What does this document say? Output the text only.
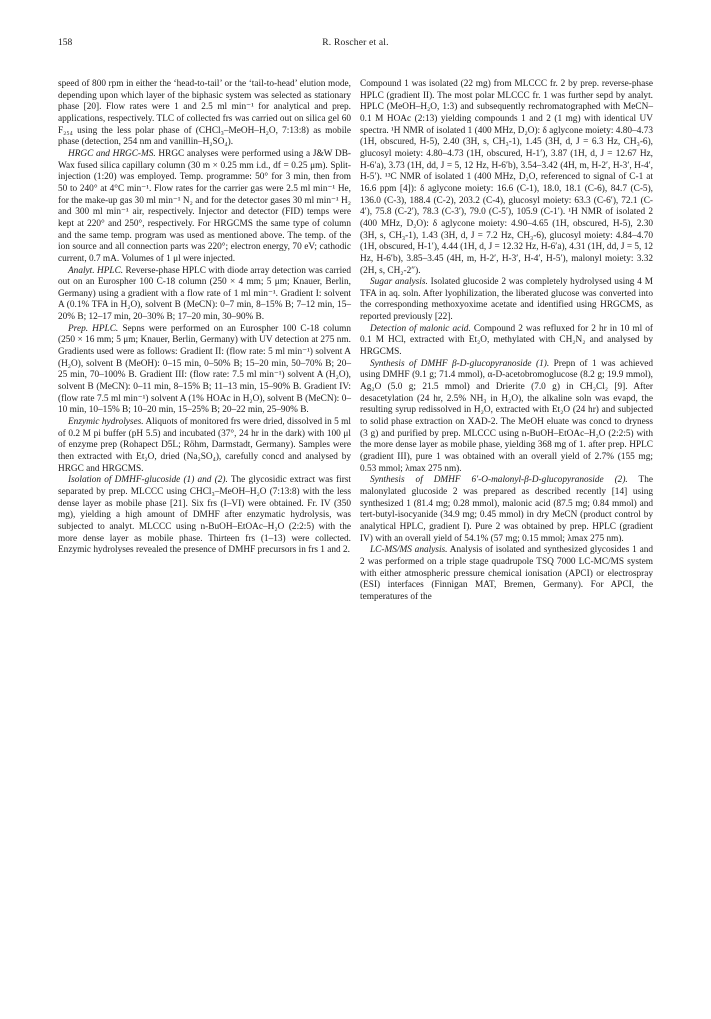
158	R. Roscher et al.

speed of 800 rpm in either the ‘head-to-tail’ or the ‘tail-to-head’ elution mode, depending upon which layer of the biphasic system was selected as stationary phase [20]. Flow rates were 1 and 2.5 ml min⁻¹ for analytical and prep. applications, respectively. TLC of collected frs was carried out on silica gel 60 F₂₅₄ using the less polar phase of (CHCl₃–MeOH–H₂O, 7:13:8) as mobile phase (detection, 254 nm and vanillin–H₂SO₄).

HRGC and HRGC-MS. HRGC analyses were performed using a J&W DB-Wax fused silica capillary column (30 m × 0.25 mm i.d., df = 0.25 μm). Split-injection (1:20) was employed. Temp. programme: 50° for 3 min, then from 50 to 240° at 4°C min⁻¹. Flow rates for the carrier gas were 2.5 ml min⁻¹ He, for the make-up gas 30 ml min⁻¹ N₂ and for the detector gases 30 ml min⁻¹ H₂ and 300 ml min⁻¹ air, respectively. Injector and detector (FID) temps were kept at 220° and 250°, respectively. For HRGCMS the same type of column and the same temp. program was used as mentioned above. The temp. of the ion source and all connection parts was 220°; electron energy, 70 eV; cathodic current, 0.7 mA. Volumes of 1 μl were injected.

Analyt. HPLC. Reverse-phase HPLC with diode array detection was carried out on an Eurospher 100 C-18 column (250 × 4 mm; 5 μm; Knauer, Berlin, Germany) using a gradient with a flow rate of 1 ml min⁻¹. Gradient I: solvent A (0.1% TFA in H₂O), solvent B (MeCN): 0–7 min, 8–15% B; 7–12 min, 15–20% B; 12–17 min, 20–30% B; 17–20 min, 30–90% B.

Prep. HPLC. Sepns were performed on an Eurospher 100 C-18 column (250 × 16 mm; 5 μm; Knauer, Berlin, Germany) with UV detection at 275 nm. Gradients used were as follows: Gradient II: (flow rate: 5 ml min⁻¹) solvent A (H₂O), solvent B (MeOH): 0–15 min, 0–50% B; 15–20 min, 50–70% B; 20–25 min, 70–100% B. Gradient III: (flow rate: 7.5 ml min⁻¹) solvent A (H₂O), solvent B (MeCN): 0–11 min, 8–15% B; 11–13 min, 15–90% B. Gradient IV: (flow rate 7.5 ml min⁻¹) solvent A (1% HOAc in H₂O), solvent B (MeCN): 0–10 min, 10–15% B; 10–20 min, 15–25% B; 20–22 min, 25–90% B.

Enzymic hydrolyses. Aliquots of monitored frs were dried, dissolved in 5 ml of 0.2 M pi buffer (pH 5.5) and incubated (37°, 24 hr in the dark) with 100 μl of enzyme prep (Rohapect D5L; Röhm, Darmstadt, Germany). Samples were then extracted with Et₂O, dried (Na₂SO₄), carefully concd and analysed by HRGC and HRGCMS.

Isolation of DMHF-glucoside (1) and (2). The glycosidic extract was first separated by prep. MLCCC using CHCl₃–MeOH–H₂O (7:13:8) with the less dense layer as mobile phase [21]. Six frs (I–VI) were obtained. Fr. IV (350 mg), yielding a high amount of DMHF after enzymatic hydrolysis, was subjected to analyt. MLCCC using n-BuOH–EtOAc–H₂O (2:2:5) with the more dense layer as mobile phase. Thirteen frs (1–13) were collected. Enzymic hydrolyses revealed the presence of DMHF precursors in frs 1 and 2.

Compound 1 was isolated (22 mg) from MLCCC fr. 2 by prep. reverse-phase HPLC (gradient II). The most polar MLCCC fr. 1 was further sepd by analyt. HPLC (MeOH–H₂O, 1:3) and subsequently rechromatographed with MeCN–0.1 M HOAc (2:13) yielding compounds 1 and 2 (1 mg) with identical UV spectra. ¹H NMR of isolated 1 (400 MHz, D₂O): δ aglycone moiety: 4.80–4.73 (1H, obscured, H-5), 2.40 (3H, s, CH₃-1), 1.45 (3H, d, J = 6.3 Hz, CH₃-6), glucosyl moiety: 4.80–4.73 (1H, obscured, H-1′), 3.87 (1H, d, J = 12.67 Hz, H-6′a), 3.73 (1H, dd, J = 5, 12 Hz, H-6′b), 3.54–3.42 (4H, m, H-2′, H-3′, H-4′, H-5′). ¹³C NMR of isolated 1 (400 MHz, D₂O, referenced to signal of C-1 at 16.6 ppm [4]): δ aglycone moiety: 16.6 (C-1), 18.0, 18.1 (C-6), 84.7 (C-5), 136.0 (C-3), 188.4 (C-2), 203.2 (C-4), glucosyl moiety: 63.3 (C-6′), 72.1 (C-4′), 75.8 (C-2′), 78.3 (C-3′), 79.0 (C-5′), 105.9 (C-1′). ¹H NMR of isolated 2 (400 MHz, D₂O): δ aglycone moiety: 4.90–4.65 (1H, obscured, H-5), 2.30 (3H, s, CH₃-1), 1.43 (3H, d, J = 7.2 Hz, CH₃-6), glucosyl moiety: 4.84–4.70 (1H, obscured, H-1′), 4.44 (1H, d, J = 12.32 Hz, H-6′a), 4.31 (1H, dd, J = 5, 12 Hz, H-6′b), 3.85–3.45 (4H, m, H-2′, H-3′, H-4′, H-5′), malonyl moiety: 3.32 (2H, s, CH₂-2″).

Sugar analysis. Isolated glucoside 2 was completely hydrolysed using 4 M TFA in aq. soln. After lyophilization, the liberated glucose was converted into the corresponding methoxyoxime acetate and identified using HRGCMS, as reported previously [22].

Detection of malonic acid. Compound 2 was refluxed for 2 hr in 10 ml of 0.1 M HCl, extracted with Et₂O, methylated with CH₂N₂ and analysed by HRGCMS.

Synthesis of DMHF β-D-glucopyranoside (1). Prepn of 1 was achieved using DMHF (9.1 g; 71.4 mmol), α-D-acetobromoglucose (8.2 g; 19.9 mmol), Ag₂O (5.0 g; 21.5 mmol) and Drierite (7.0 g) in CH₂Cl₂ [9]. After desacetylation (24 hr, 2.5% NH₃ in H₂O), the alkaline soln was evapd, the resulting syrup redissolved in H₂O, extracted with Et₂O (24 hr) and subjected to solid phase extraction on XAD-2. The MeOH eluate was concd to dryness (3 g) and purified by prep. MLCCC using n-BuOH–EtOAc–H₂O (2:2:5) with the more dense layer as mobile phase, yielding 368 mg of 1. after prep. HPLC (gradient III), pure 1 was obtained with an overall yield of 2.7% (155 mg; 0.53 mmol; λmax 275 nm).

Synthesis of DMHF 6′-O-malonyl-β-D-glucopyranoside (2). The malonylated glucoside 2 was prepared as described recently [14] using synthesized 1 (81.4 mg; 0.28 mmol), malonic acid (87.5 mg; 0.84 mmol) and tert-butyl-isocyanide (34.9 mg; 0.45 mmol) in dry MeCN (product control by analytical HPLC, gradient I). Pure 2 was obtained by prep. HPLC (gradient IV) with an overall yield of 54.1% (57 mg; 0.15 mmol; λmax 275 nm).

LC-MS/MS analysis. Analysis of isolated and synthesized glycosides 1 and 2 was performed on a triple stage quadrupole TSQ 7000 LC-MC/MS system with either atmospheric pressure chemical ionisation (APCI) or electrospray (ESI) interfaces (Finnigan MAT, Bremen, Germany). For APCI, the temperatures of the
